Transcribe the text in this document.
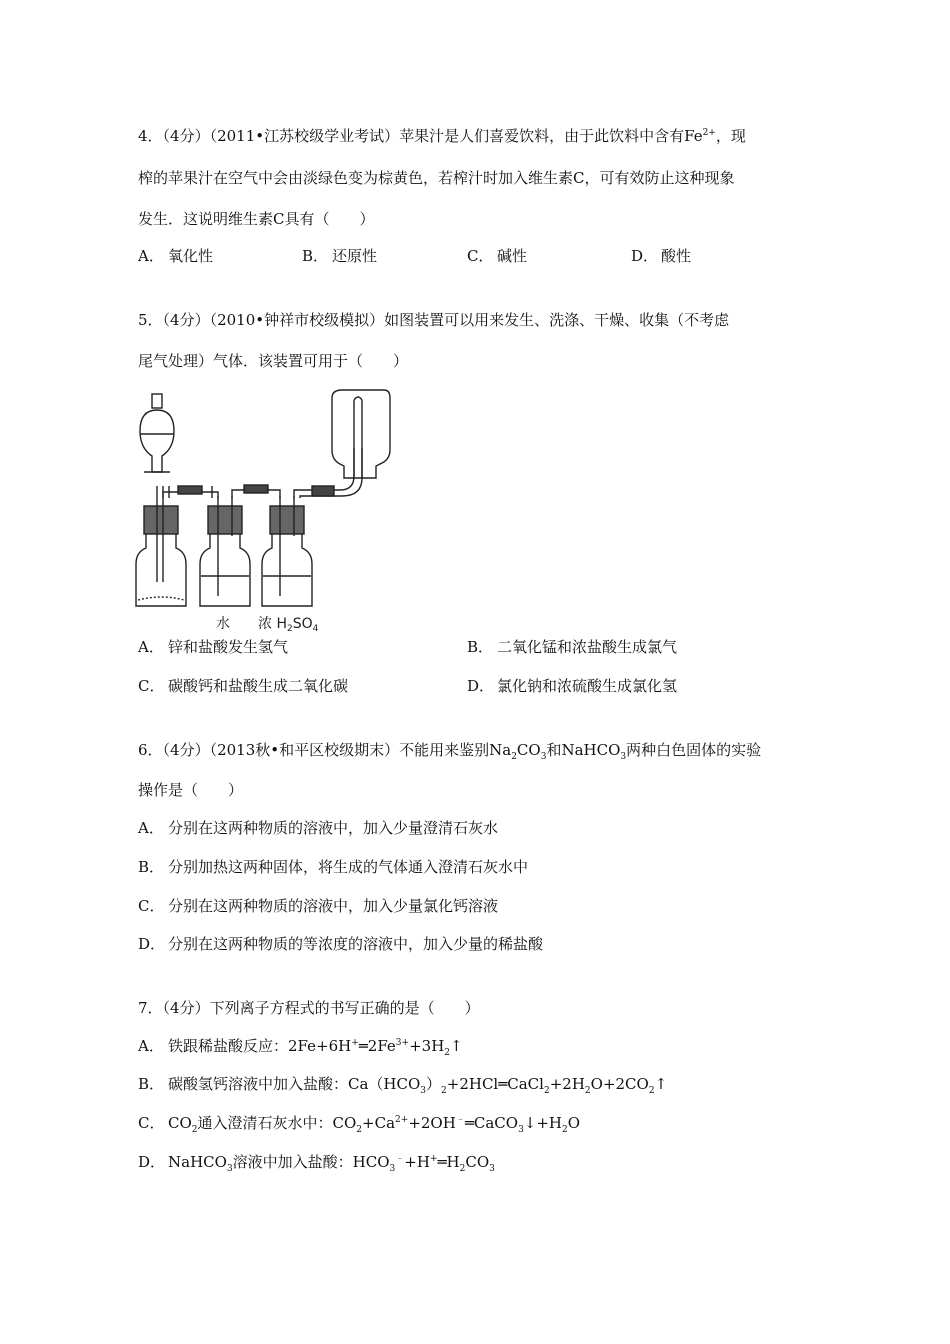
4．（4分）（2011•江苏校级学业考试）苹果汁是人们喜爱饮料，由于此饮料中含有$Fe^{2+}$，现
榨的苹果汁在空气中会由淡绿色变为棕黄色，若榨汁时加入维生素C，可有效防止这种现象
发生．这说明维生素C具有（　　）
A． 氧化性	B． 还原性	C． 碱性	D． 酸性
5．（4分）（2010•钟祥市校级模拟）如图装置可以用来发生、洗涤、干燥、收集（不考虑
尾气处理）气体．该装置可用于（　　）
水 浓 $H_2SO_4$
A． 锌和盐酸发生氢气	B． 二氧化锰和浓盐酸生成氯气
C． 碳酸钙和盐酸生成二氧化碳	D． 氯化钠和浓硫酸生成氯化氢
6．（4分）（2013秋•和平区校级期末）不能用来鉴别$Na_2CO_3$和NaHCO$_3$两种白色固体的实验
操作是（　　）
A． 分别在这两种物质的溶液中，加入少量澄清石灰水
B． 分别加热这两种固体，将生成的气体通入澄清石灰水中
C． 分别在这两种物质的溶液中，加入少量氯化钙溶液
D． 分别在这两种物质的等浓度的溶液中，加入少量的稀盐酸
7．（4分）下列离子方程式的书写正确的是（　　）
A． 铁跟稀盐酸反应：$2Fe+6H^+═2Fe^{3+}+3H_2↑$
B． 碳酸氢钙溶液中加入盐酸：$Ca(HCO_3)_2+2HCl═CaCl_2+2H_2O+2CO_2↑$
C． $CO_2$通入澄清石灰水中：$CO_2+Ca^{2+}+2OH^﹣═CaCO_3↓+H_2O$
D． NaHCO$_3$溶液中加入盐酸：$HCO_3^﹣+H^+═H_2CO_3$
